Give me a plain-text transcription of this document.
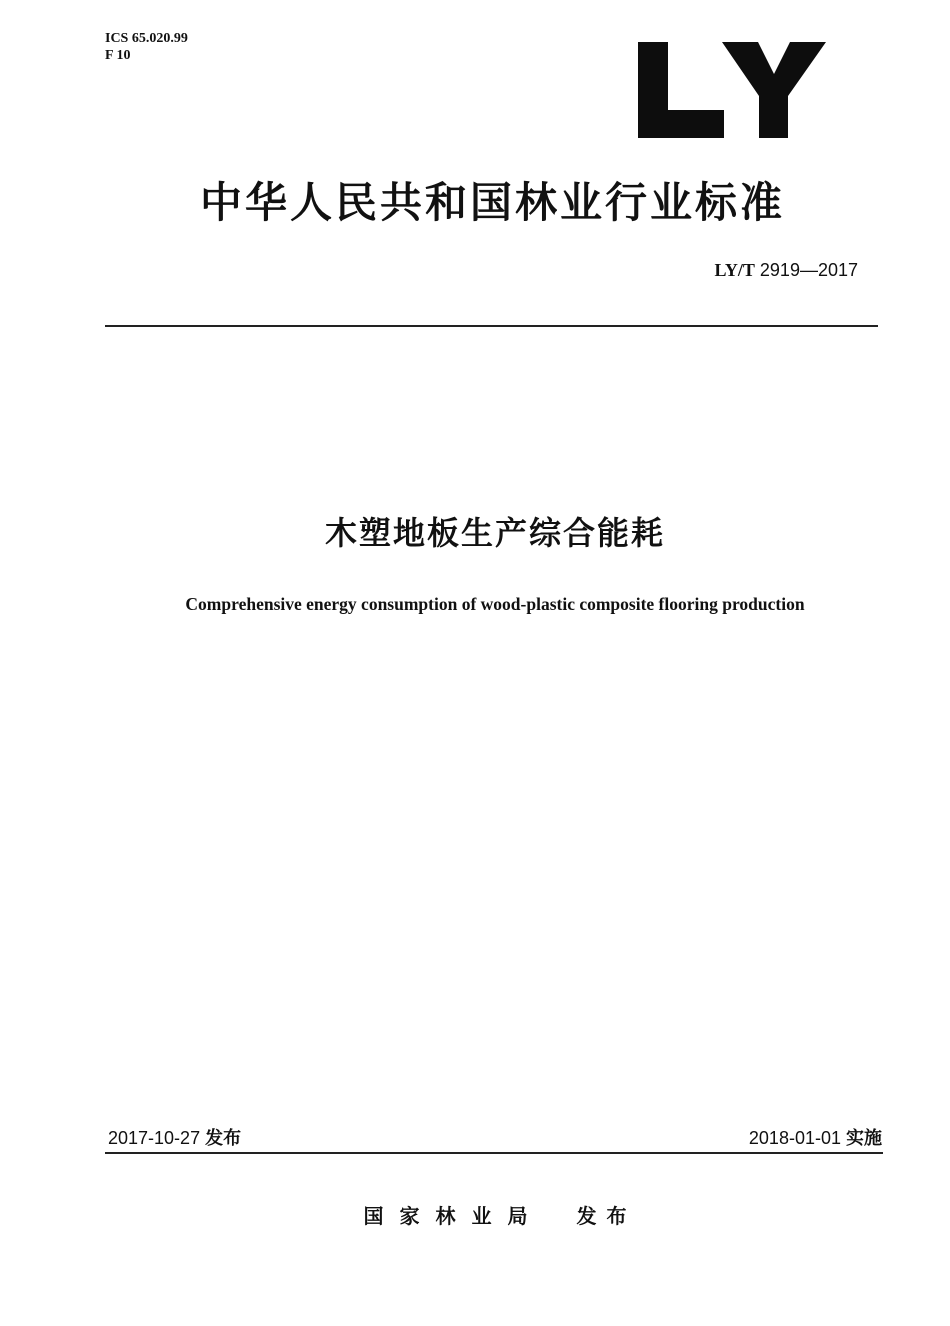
ICS 65.020.99
F 10
中华人民共和国林业行业标准
LY/T 2919—2017
木塑地板生产综合能耗
Comprehensive energy consumption of wood-plastic composite flooring production
2017-10-27 发布	2018-01-01 实施
国家林业局 发布
